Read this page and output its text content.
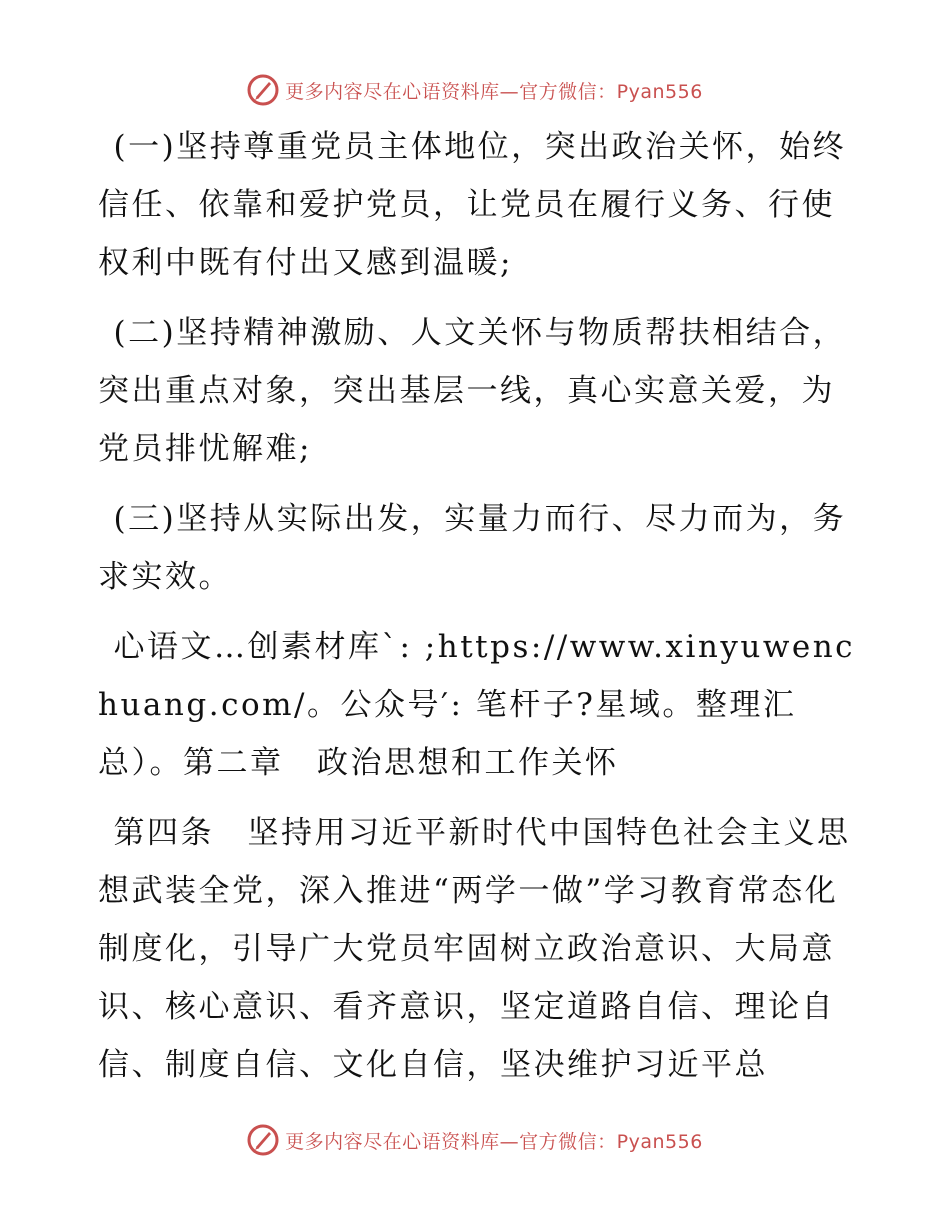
更多内容尽在心语资料库—官方微信：Pyan556

(一)坚持尊重党员主体地位，突出政治关怀，始终信任、依靠和爱护党员，让党员在履行义务、行使权利中既有付出又感到温暖;

(二)坚持精神激励、人文关怀与物质帮扶相结合，突出重点对象，突出基层一线，真心实意关爱，为党员排忧解难;

(三)坚持从实际出发，实量力而行、尽力而为，务求实效。

心语文…创素材库ˋ: ;https://www.xinyuwenchuang.com/。公众号′: 笔杆子?星域。整理汇总）。第二章　政治思想和工作关怀

第四条　坚持用习近平新时代中国特色社会主义思想武装全党，深入推进“两学一做”学习教育常态化制度化，引导广大党员牢固树立政治意识、大局意识、核心意识、看齐意识，坚定道路自信、理论自信、制度自信、文化自信，坚决维护习近平总

更多内容尽在心语资料库—官方微信：Pyan556
